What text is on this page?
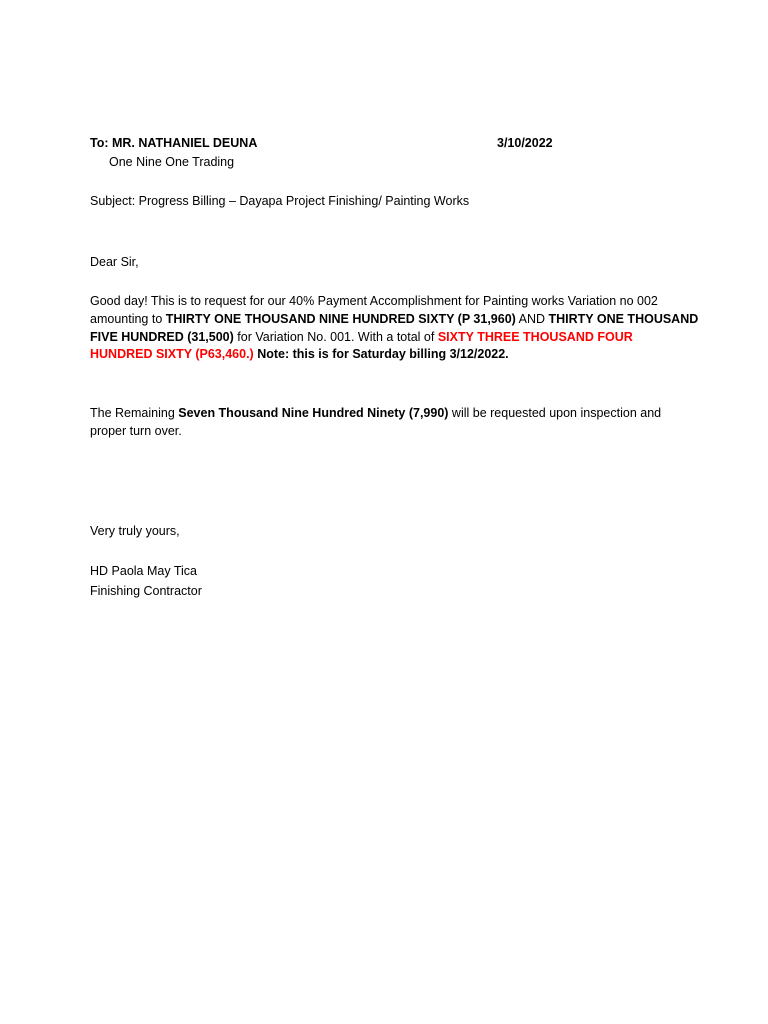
To: MR. NATHANIEL DEUNA	3/10/2022
One Nine One Trading
Subject: Progress Billing – Dayapa Project Finishing/ Painting Works
Dear Sir,
Good day! This is to request for our 40% Payment Accomplishment for Painting works Variation no 002
amounting to THIRTY ONE THOUSAND NINE HUNDRED SIXTY (P 31,960) AND THIRTY ONE THOUSAND
FIVE HUNDRED (31,500) for Variation No. 001. With a total of SIXTY THREE THOUSAND FOUR
HUNDRED SIXTY (P63,460.) Note: this is for Saturday billing 3/12/2022.
The Remaining Seven Thousand Nine Hundred Ninety (7,990) will be requested upon inspection and
proper turn over.
Very truly yours,
HD Paola May Tica
Finishing Contractor
